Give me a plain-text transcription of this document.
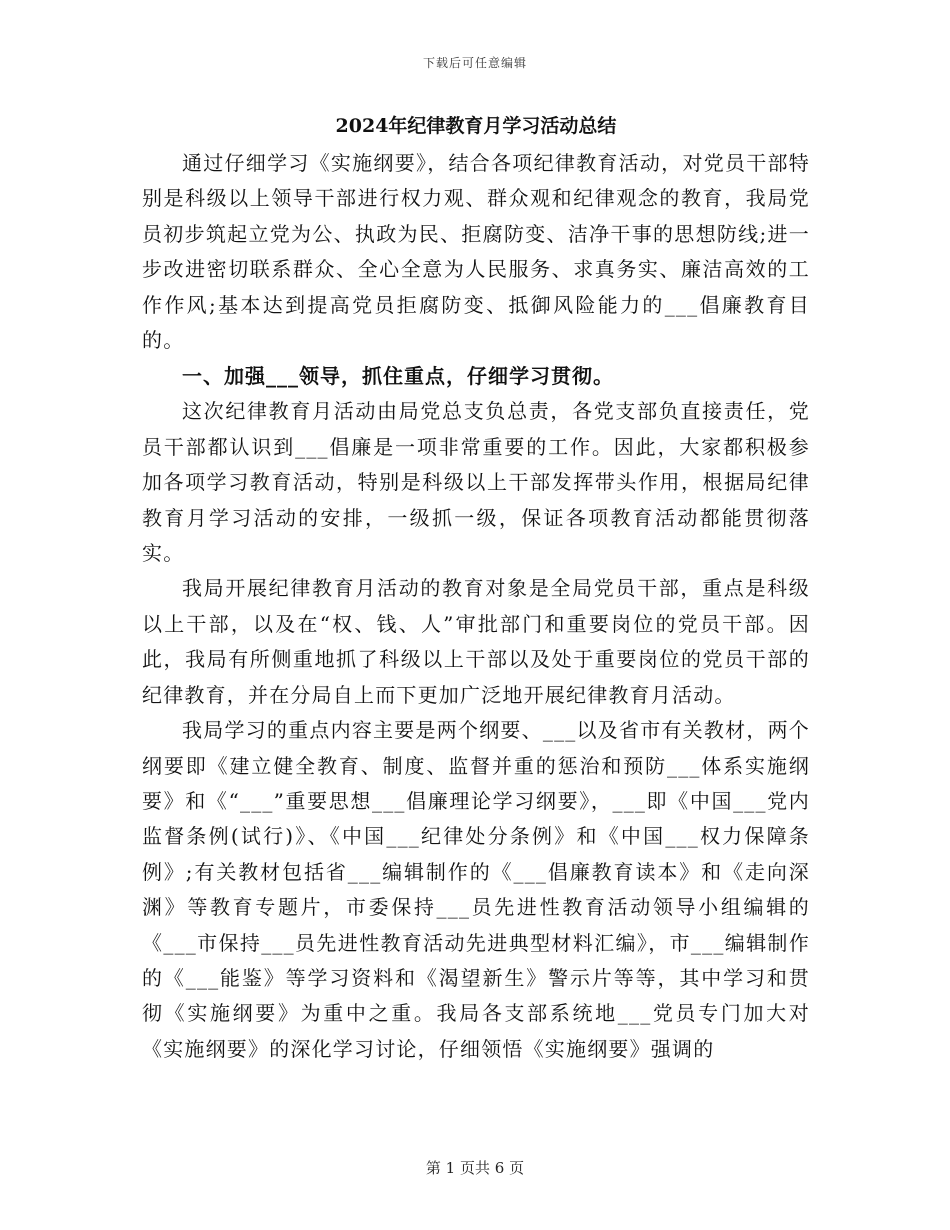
下载后可任意编辑
2024年纪律教育月学习活动总结

通过仔细学习《实施纲要》，结合各项纪律教育活动，对党员干部特别是科级以上领导干部进行权力观、群众观和纪律观念的教育，我局党员初步筑起立党为公、执政为民、拒腐防变、洁净干事的思想防线;进一步改进密切联系群众、全心全意为人民服务、求真务实、廉洁高效的工作作风;基本达到提高党员拒腐防变、抵御风险能力的___倡廉教育目的。

一、加强___领导，抓住重点，仔细学习贯彻。

这次纪律教育月活动由局党总支负总责，各党支部负直接责任，党员干部都认识到___倡廉是一项非常重要的工作。因此，大家都积极参加各项学习教育活动，特别是科级以上干部发挥带头作用，根据局纪律教育月学习活动的安排，一级抓一级，保证各项教育活动都能贯彻落实。

我局开展纪律教育月活动的教育对象是全局党员干部，重点是科级以上干部，以及在“权、钱、人”审批部门和重要岗位的党员干部。因此，我局有所侧重地抓了科级以上干部以及处于重要岗位的党员干部的纪律教育，并在分局自上而下更加广泛地开展纪律教育月活动。

我局学习的重点内容主要是两个纲要、___以及省市有关教材，两个纲要即《建立健全教育、制度、监督并重的惩治和预防___体系实施纲要》和《“___”重要思想___倡廉理论学习纲要》，___即《中国___党内监督条例(试行)》、《中国___纪律处分条例》和《中国___权力保障条例》;有关教材包括省___编辑制作的《___倡廉教育读本》和《走向深渊》等教育专题片，市委保持___员先进性教育活动领导小组编辑的《___市保持___员先进性教育活动先进典型材料汇编》，市___编辑制作的《___能鉴》等学习资料和《渴望新生》警示片等等，其中学习和贯彻《实施纲要》为重中之重。我局各支部系统地___党员专门加大对《实施纲要》的深化学习讨论，仔细领悟《实施纲要》强调的

第 1 页共 6 页
